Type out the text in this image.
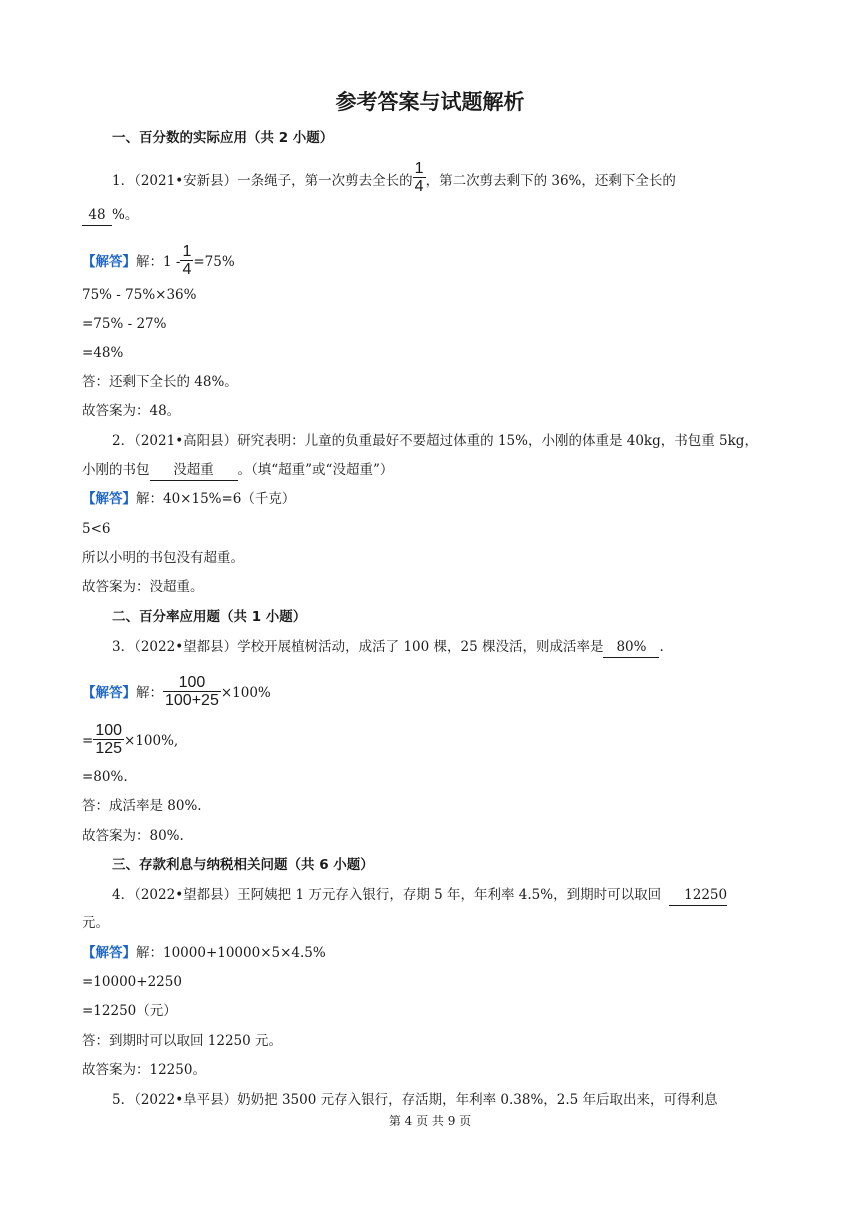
参考答案与试题解析
一、百分数的实际应用（共 2 小题）
1．（2021•安新县）一条绳子，第一次剪去全长的 $\frac{1}{4}$ ，第二次剪去剩下的 36%，还剩下全长的
48 %。
【解答】解：$1 - \frac{1}{4} =75\%$
75% - 75%×36%
=75% - 27%
=48%
答：还剩下全长的 48%。
故答案为：48。
2．（2021•高阳县）研究表明：儿童的负重最好不要超过体重的 15%，小刚的体重是 40kg，书包重 5kg，
小刚的书包 没超重 。（填“超重”或“没超重”）
【解答】解：40×15%=6（千克）
5<6
所以小明的书包没有超重。
故答案为：没超重。
二、百分率应用题（共 1 小题）
3．（2022•望都县）学校开展植树活动，成活了 100 棵，25 棵没活，则成活率是 80% .
【解答】解： $\frac{100}{100+25} \times 100\%$
= $\frac{100}{125} \times 100\%$,
=80%.
答：成活率是 80%.
故答案为：80%.
三、存款利息与纳税相关问题（共 6 小题）
4．（2022•望都县）王阿姨把 1 万元存入银行，存期 5 年，年利率 4.5%，到期时可以取回 12250
元。
【解答】解：10000+10000×5×4.5%
=10000+2250
=12250（元）
答：到期时可以取回 12250 元。
故答案为：12250。
5．（2022•阜平县）奶奶把 3500 元存入银行，存活期，年利率 0.38%，2.5 年后取出来，可得利息
第 4 页 共 9 页
